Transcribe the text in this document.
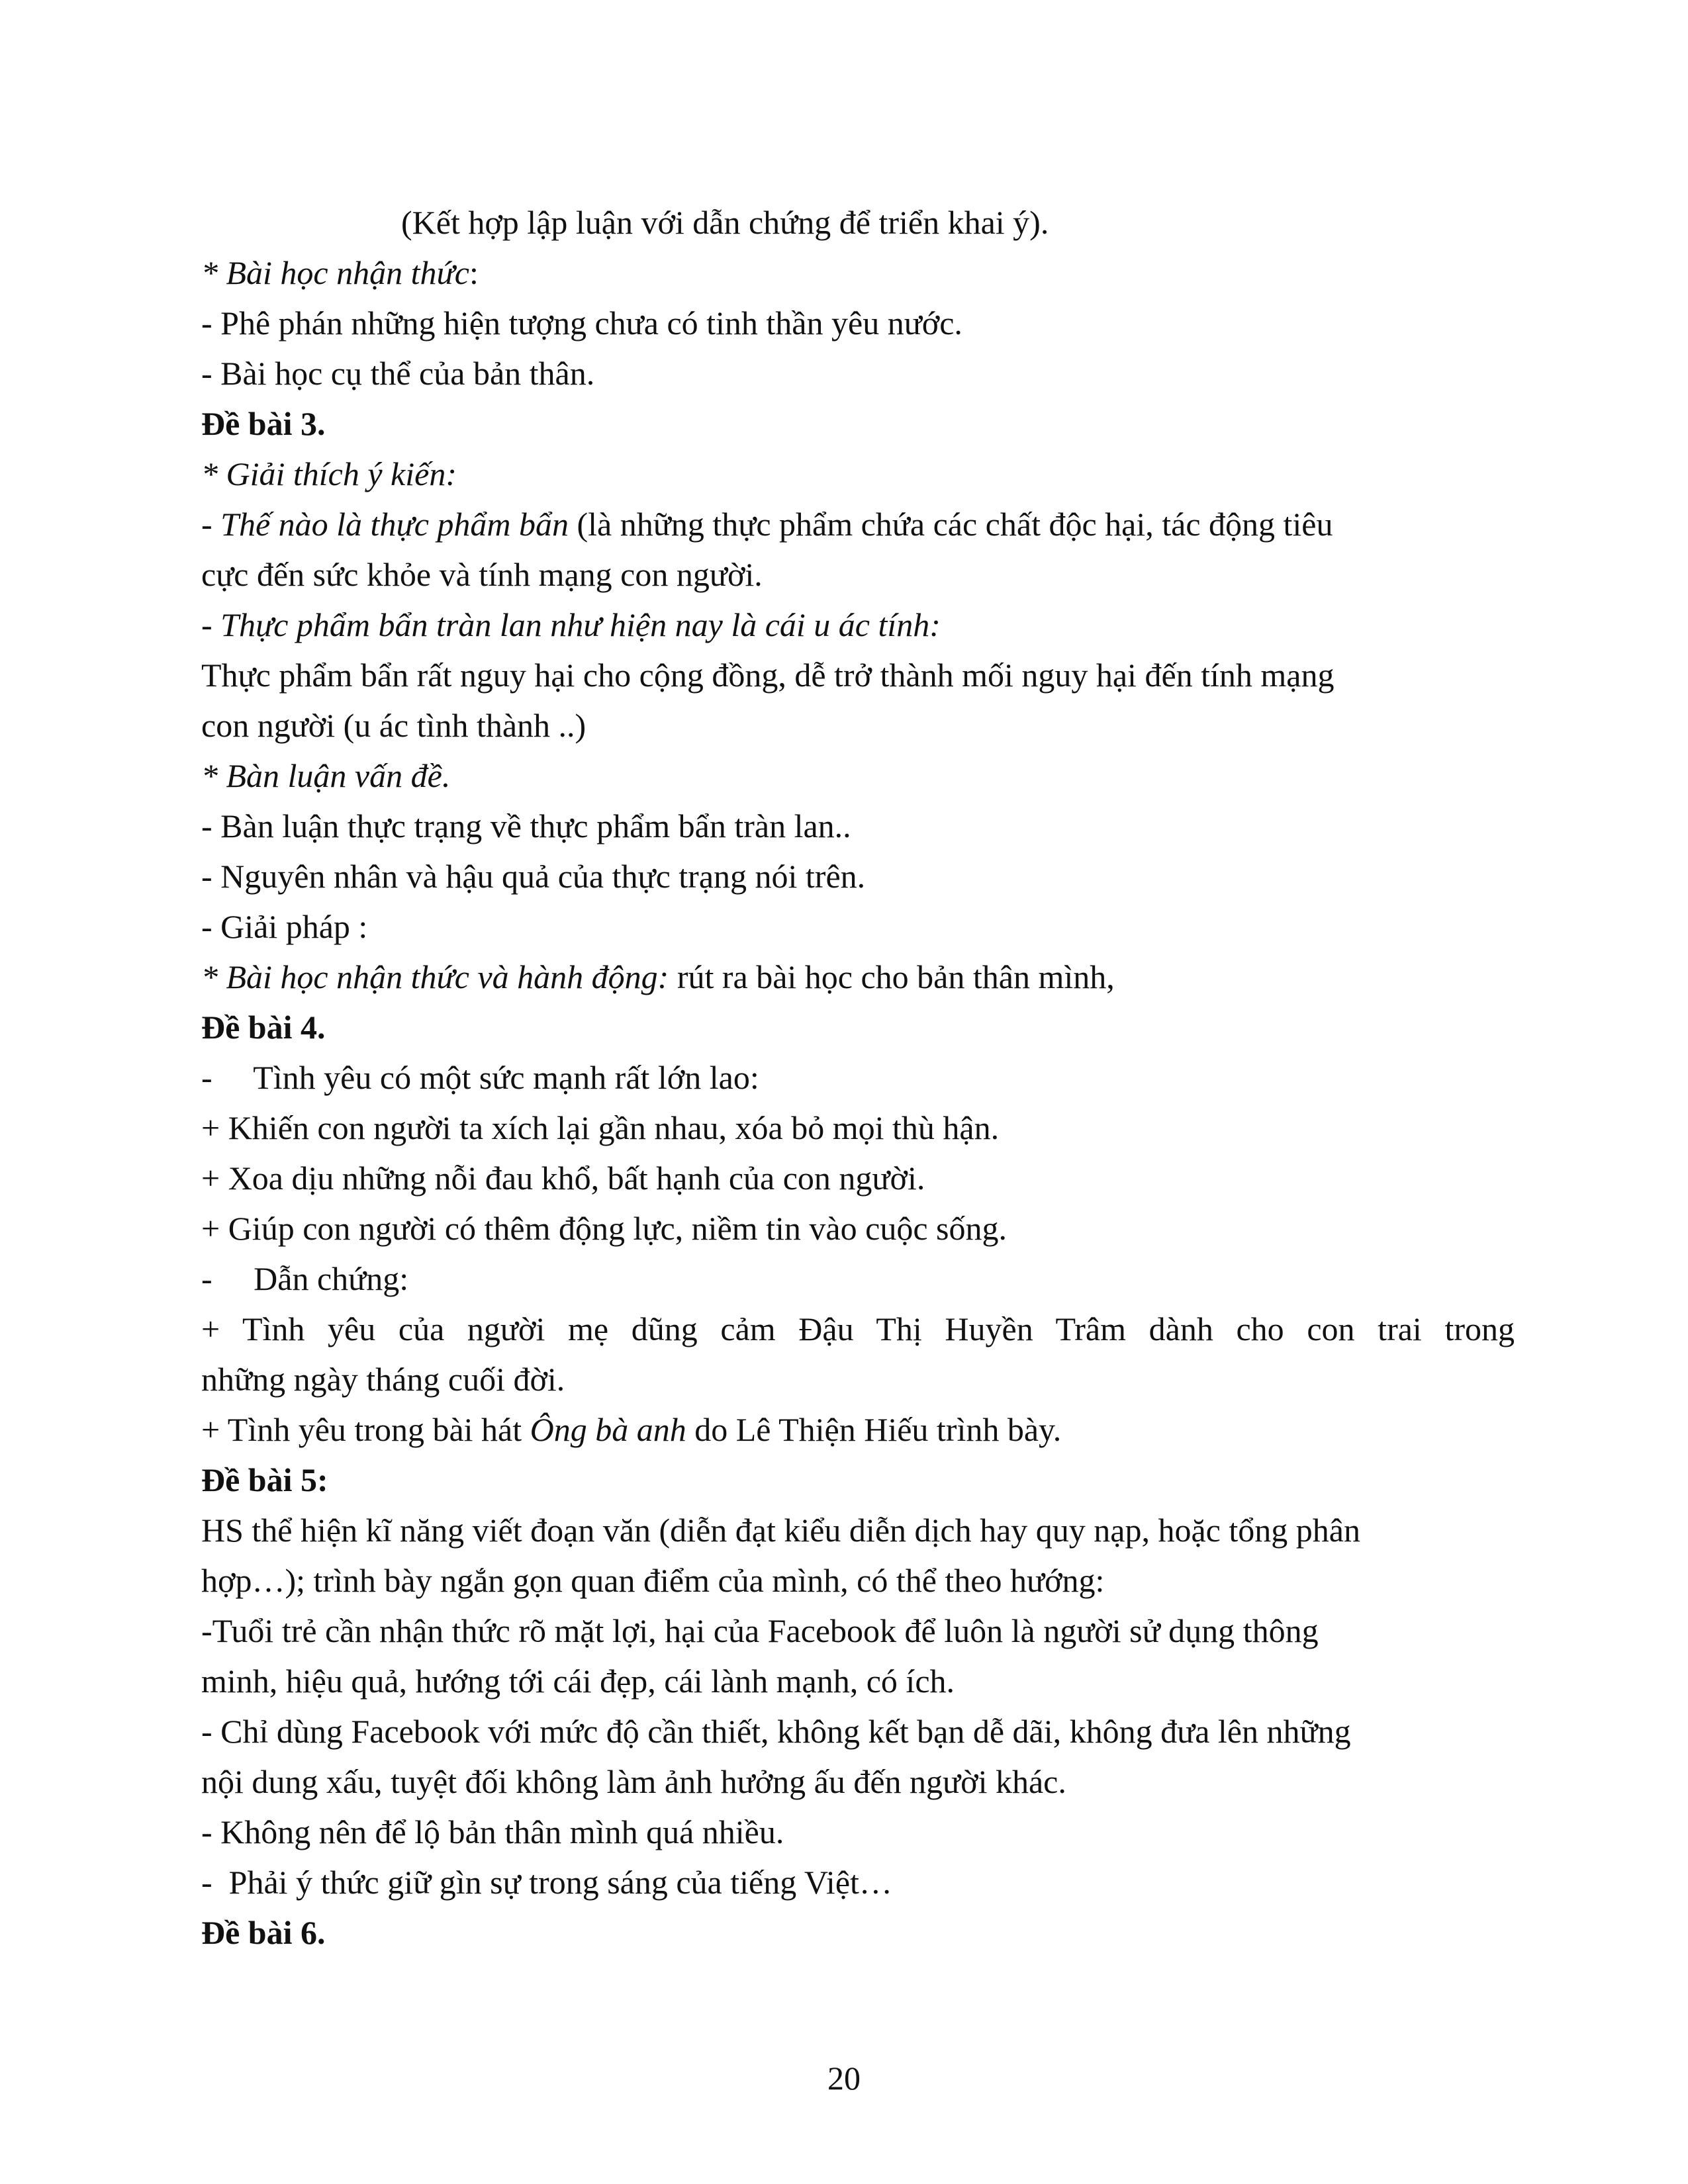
(Kết hợp lập luận với dẫn chứng để triển khai ý).
* Bài học nhận thức:
- Phê phán những hiện tượng chưa có tinh thần yêu nước.
- Bài học cụ thể của bản thân.
Đề bài 3.
* Giải thích ý kiến:
- Thế nào là thực phẩm bẩn (là những thực phẩm chứa các chất độc hại, tác động tiêu
cực đến sức khỏe và tính mạng con người.
- Thực phẩm bẩn tràn lan như hiện nay là cái u ác tính:
Thực phẩm bẩn rất nguy hại cho cộng đồng, dễ trở thành mối nguy hại đến tính mạng
con người (u ác tình thành ..)
* Bàn luận vấn đề.
- Bàn luận thực trạng về thực phẩm bẩn tràn lan..
- Nguyên nhân và hậu quả của thực trạng nói trên.
- Giải pháp :
* Bài học nhận thức và hành động: rút ra bài học cho bản thân mình,
Đề bài 4.
-     Tình yêu có một sức mạnh rất lớn lao:
+ Khiến con người ta xích lại gần nhau, xóa bỏ mọi thù hận.
+ Xoa dịu những nỗi đau khổ, bất hạnh của con người.
+ Giúp con người có thêm động lực, niềm tin vào cuộc sống.
-     Dẫn chứng:
+ Tình yêu của người mẹ dũng cảm Đậu Thị Huyền Trâm dành cho con trai trong
những ngày tháng cuối đời.
+ Tình yêu trong bài hát Ông bà anh do Lê Thiện Hiếu trình bày.
Đề bài 5:
HS thể hiện kĩ năng viết đoạn văn (diễn đạt kiểu diễn dịch hay quy nạp, hoặc tổng phân
hợp…); trình bày ngắn gọn quan điểm của mình, có thể theo hướng:
-Tuổi trẻ cần nhận thức rõ mặt lợi, hại của Facebook để luôn là người sử dụng thông
minh, hiệu quả, hướng tới cái đẹp, cái lành mạnh, có ích.
- Chỉ dùng Facebook với mức độ cần thiết, không kết bạn dễ dãi, không đưa lên những
nội dung xấu, tuyệt đối không làm ảnh hưởng ấu đến người khác.
- Không nên để lộ bản thân mình quá nhiều.
-  Phải ý thức giữ gìn sự trong sáng của tiếng Việt…
Đề bài 6.
20
